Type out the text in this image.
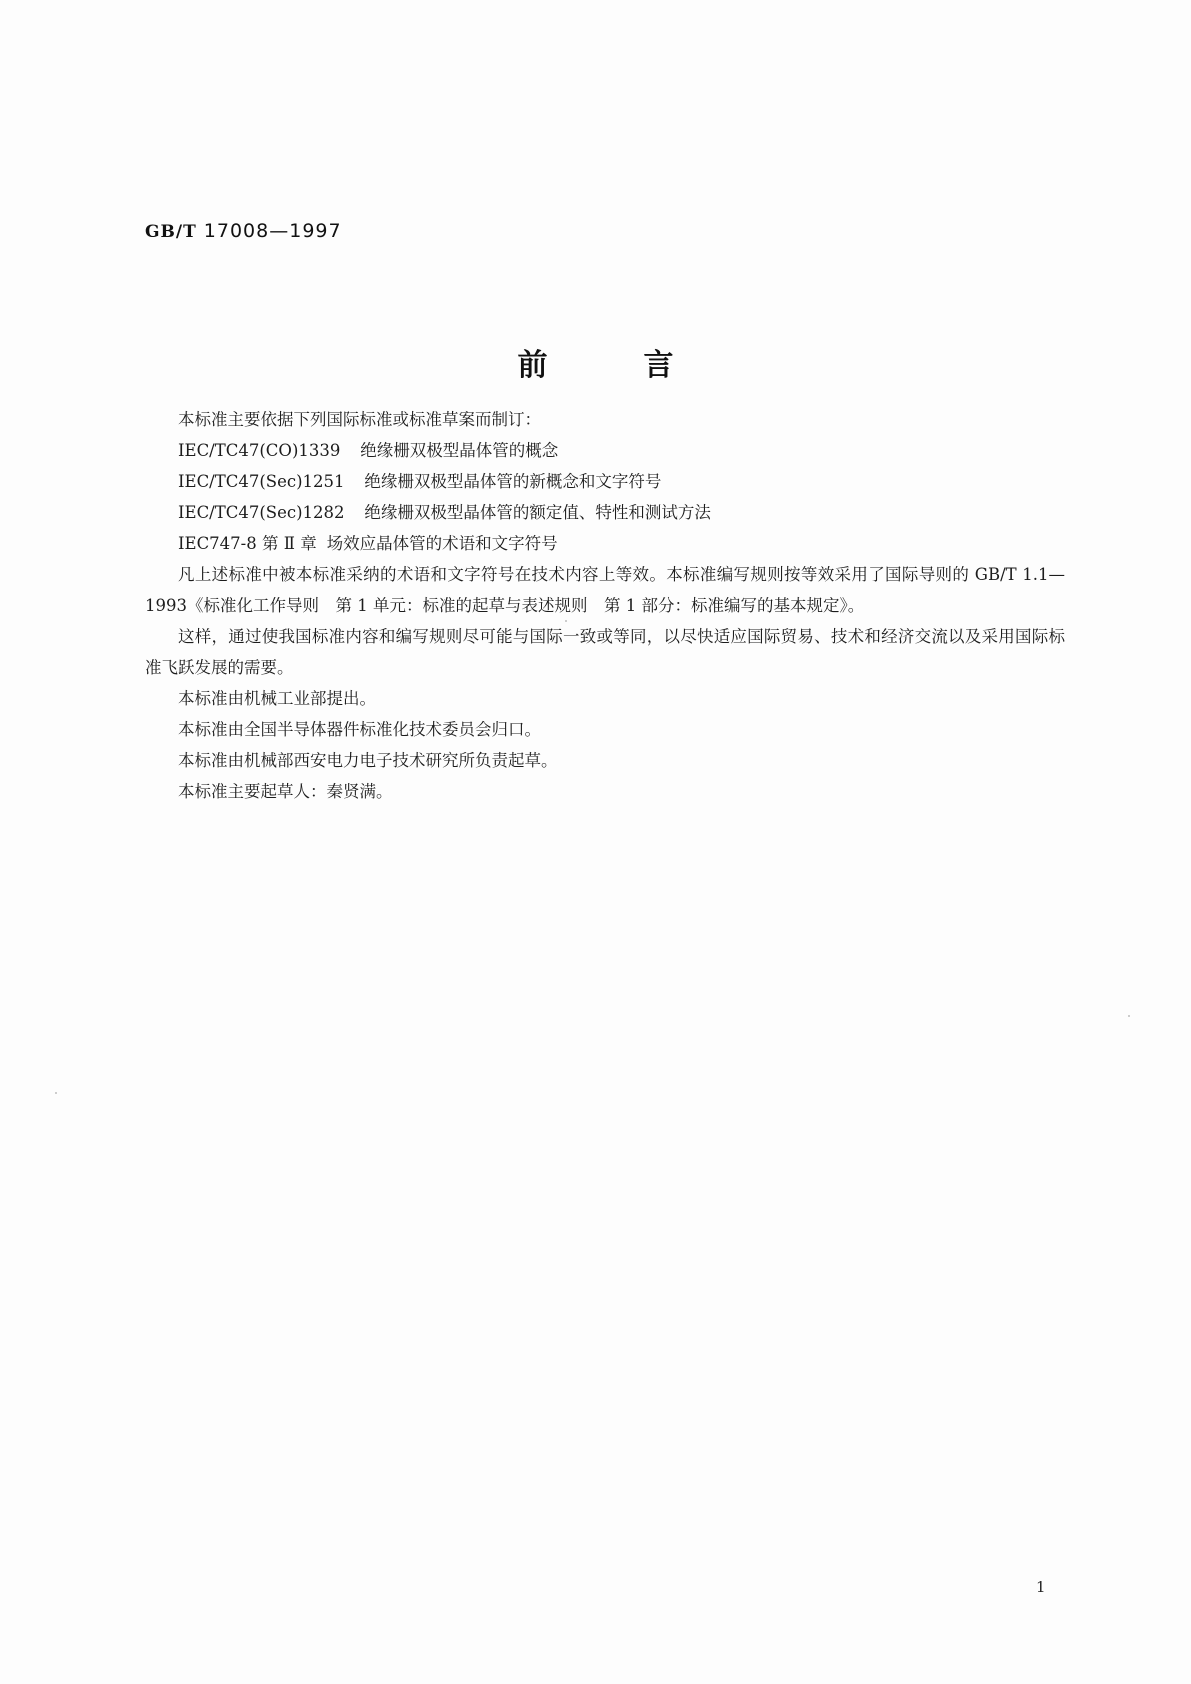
GB/T 17008—1997
前言

本标准主要依据下列国际标准或标准草案而制订：

IEC/TC47(CO)1339 绝缘栅双极型晶体管的概念

IEC/TC47(Sec)1251 绝缘栅双极型晶体管的新概念和文字符号

IEC/TC47(Sec)1282 绝缘栅双极型晶体管的额定值、特性和测试方法

IEC747-8 第 Ⅱ 章 场效应晶体管的术语和文字符号

凡上述标准中被本标准采纳的术语和文字符号在技术内容上等效。本标准编写规则按等效采用了国际导则的 GB/T 1.1—1993《标准化工作导则　第 1 单元：标准的起草与表述规则　第 1 部分：标准编写的基本规定》。

这样，通过使我国标准内容和编写规则尽可能与国际一致或等同，以尽快适应国际贸易、技术和经济交流以及采用国际标准飞跃发展的需要。

本标准由机械工业部提出。

本标准由全国半导体器件标准化技术委员会归口。

本标准由机械部西安电力电子技术研究所负责起草。

本标准主要起草人：秦贤满。

1
